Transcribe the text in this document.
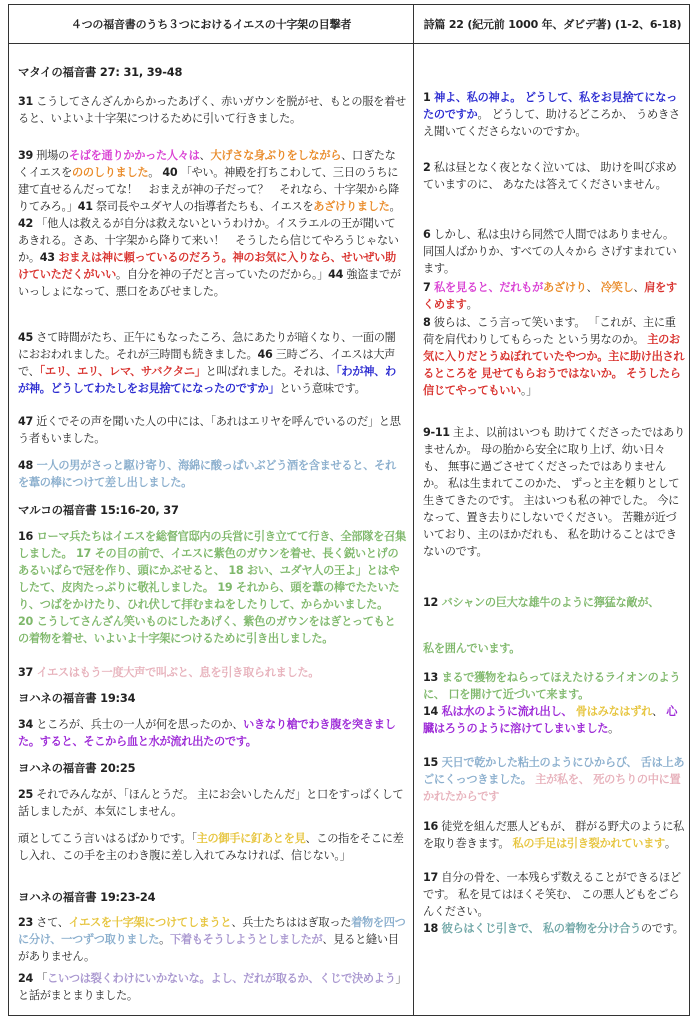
４つの福音書のうち３つにおけるイエスの十字架の目撃者	詩篇 22 (紀元前 1000 年、ダビデ著) (1-2、6-18)
マタイの福音書 27: 31, 39-48
31 こうしてさんざんからかったあげく、赤いガウンを脱がせ、もとの服を着せると、いよいよ十字架につけるために引いて行きました。
39 刑場のそばを通りかかった人々は、大げさな身ぶりをしながら、口ぎたなくイエスをののしりました。 40 「やい。神殿を打ちこわして、三日のうちに建て直せるんだってな！　おまえが神の子だって？　それなら、十字架から降りてみろ。」41 祭司長やユダヤ人の指導者たちも、イエスをあざけりました。42 「他人は救えるが自分は救えないというわけか。イスラエルの王が聞いてあきれる。さあ、十字架から降りて来い！　そうしたら信じてやろうじゃないか。43 おまえは神に頼っているのだろう。神のお気に入りなら、せいぜい助けていただくがいい。自分を神の子だと言っていたのだから。」44 強盗までがいっしょになって、悪口をあびせました。
45 さて時間がたち、正午にもなったころ、急にあたりが暗くなり、一面の闇におおわれました。それが三時間も続きました。46 三時ごろ、イエスは大声で、「エリ、エリ、レマ、サバクタニ」と叫ばれました。それは、「わが神、わが神。どうしてわたしをお見捨てになったのですか」という意味です。
47 近くでその声を聞いた人の中には、「あれはエリヤを呼んでいるのだ」と思う者もいました。
48 一人の男がさっと駆け寄り、海綿に酸っぱいぶどう酒を含ませると、それを葦の棒につけて差し出しました。
マルコの福音書 15:16-20, 37
16 ローマ兵たちはイエスを総督官邸内の兵営に引き立てて行き、全部隊を召集しました。 17 その目の前で、イエスに紫色のガウンを着せ、長く鋭いとげのあるいばらで冠を作り、頭にかぶせると、 18 おい、ユダヤ人の王よ」とはやしたて、皮肉たっぷりに敬礼しました。 19 それから、頭を葦の棒でたたいたり、つばをかけたり、ひれ伏して拝むまねをしたりして、からかいました。 20 こうしてさんざん笑いものにしたあげく、紫色のガウンをはぎとってもとの着物を着せ、いよいよ十字架につけるために引き出しました。
37 イエスはもう一度大声で叫ぶと、息を引き取られました。
ヨハネの福音書 19:34
34 ところが、兵士の一人が何を思ったのか、いきなり槍でわき腹を突きました。すると、そこから血と水が流れ出たのです。
ヨハネの福音書 20:25
25 それでみんなが、「ほんとうだ。 主にお会いしたんだ」と口をすっぱくして話しましたが、本気にしません。
頑としてこう言いはるばかりです。「主の御手に釘あとを見、この指をそこに差し入れ、この手を主のわき腹に差し入れてみなければ、信じない。」
ヨハネの福音書 19:23-24
23 さて、イエスを十字架につけてしまうと、兵士たちははぎ取った着物を四つに分け、一つずつ取りました。下着もそうしようとしましたが、見ると縫い目がありません。
24 「こいつは裂くわけにいかないな。よし、だれが取るか、くじで決めよう」と話がまとまりました。
1 神よ、私の神よ。 どうして、私をお見捨てになったのですか。 どうして、助けるどころか、 うめきさえ聞いてくださらないのですか。
2 私は昼となく夜となく泣いては、 助けを叫び求めていますのに、 あなたは答えてくださいません。
6 しかし、私は虫けら同然で人間ではありません。 同国人ばかりか、すべての人々から さげすまれています。
7 私を見ると、だれもがあざけり、 冷笑し、肩をすくめます。
8 彼らは、こう言って笑います。 「これが、主に重荷を肩代わりしてもらった という男なのか。 主のお気に入りだとうぬぼれていたやつか。主に助け出されるところを 見せてもらおうではないか。 そうしたら信じてやってもいい。」
9-11 主よ、以前はいつも 助けてくださったではありませんか。 母の胎から安全に取り上げ、幼い日々も、 無事に過ごさせてくださったではありませんか。 私は生まれてこのかた、 ずっと主を頼りとして生きてきたのです。 主はいつも私の神でした。 今になって、置き去りにしないでください。 苦難が近づいており、主のほかだれも、 私を助けることはできないのです。
12 バシャンの巨大な雄牛のように獰猛な敵が、
私を囲んでいます。
13 まるで獲物をねらってほえたけるライオンのように、 口を開けて近づいて来ます。
14 私は水のように流れ出し、 骨はみなはずれ、 心臓はろうのように溶けてしまいました。
15 天日で乾かした粘土のようにひからび、 舌は上あごにくっつきました。 主が私を、 死のちりの中に置かれたからです
16 徒党を組んだ悪人どもが、 群がる野犬のように私を取り巻きます。 私の手足は引き裂かれています。
17 自分の骨を、一本残らず数えることができるほどです。 私を見てはほくそ笑む、 この悪人どもをごらんください。
18 彼らはくじ引きで、 私の着物を分け合うのです。
